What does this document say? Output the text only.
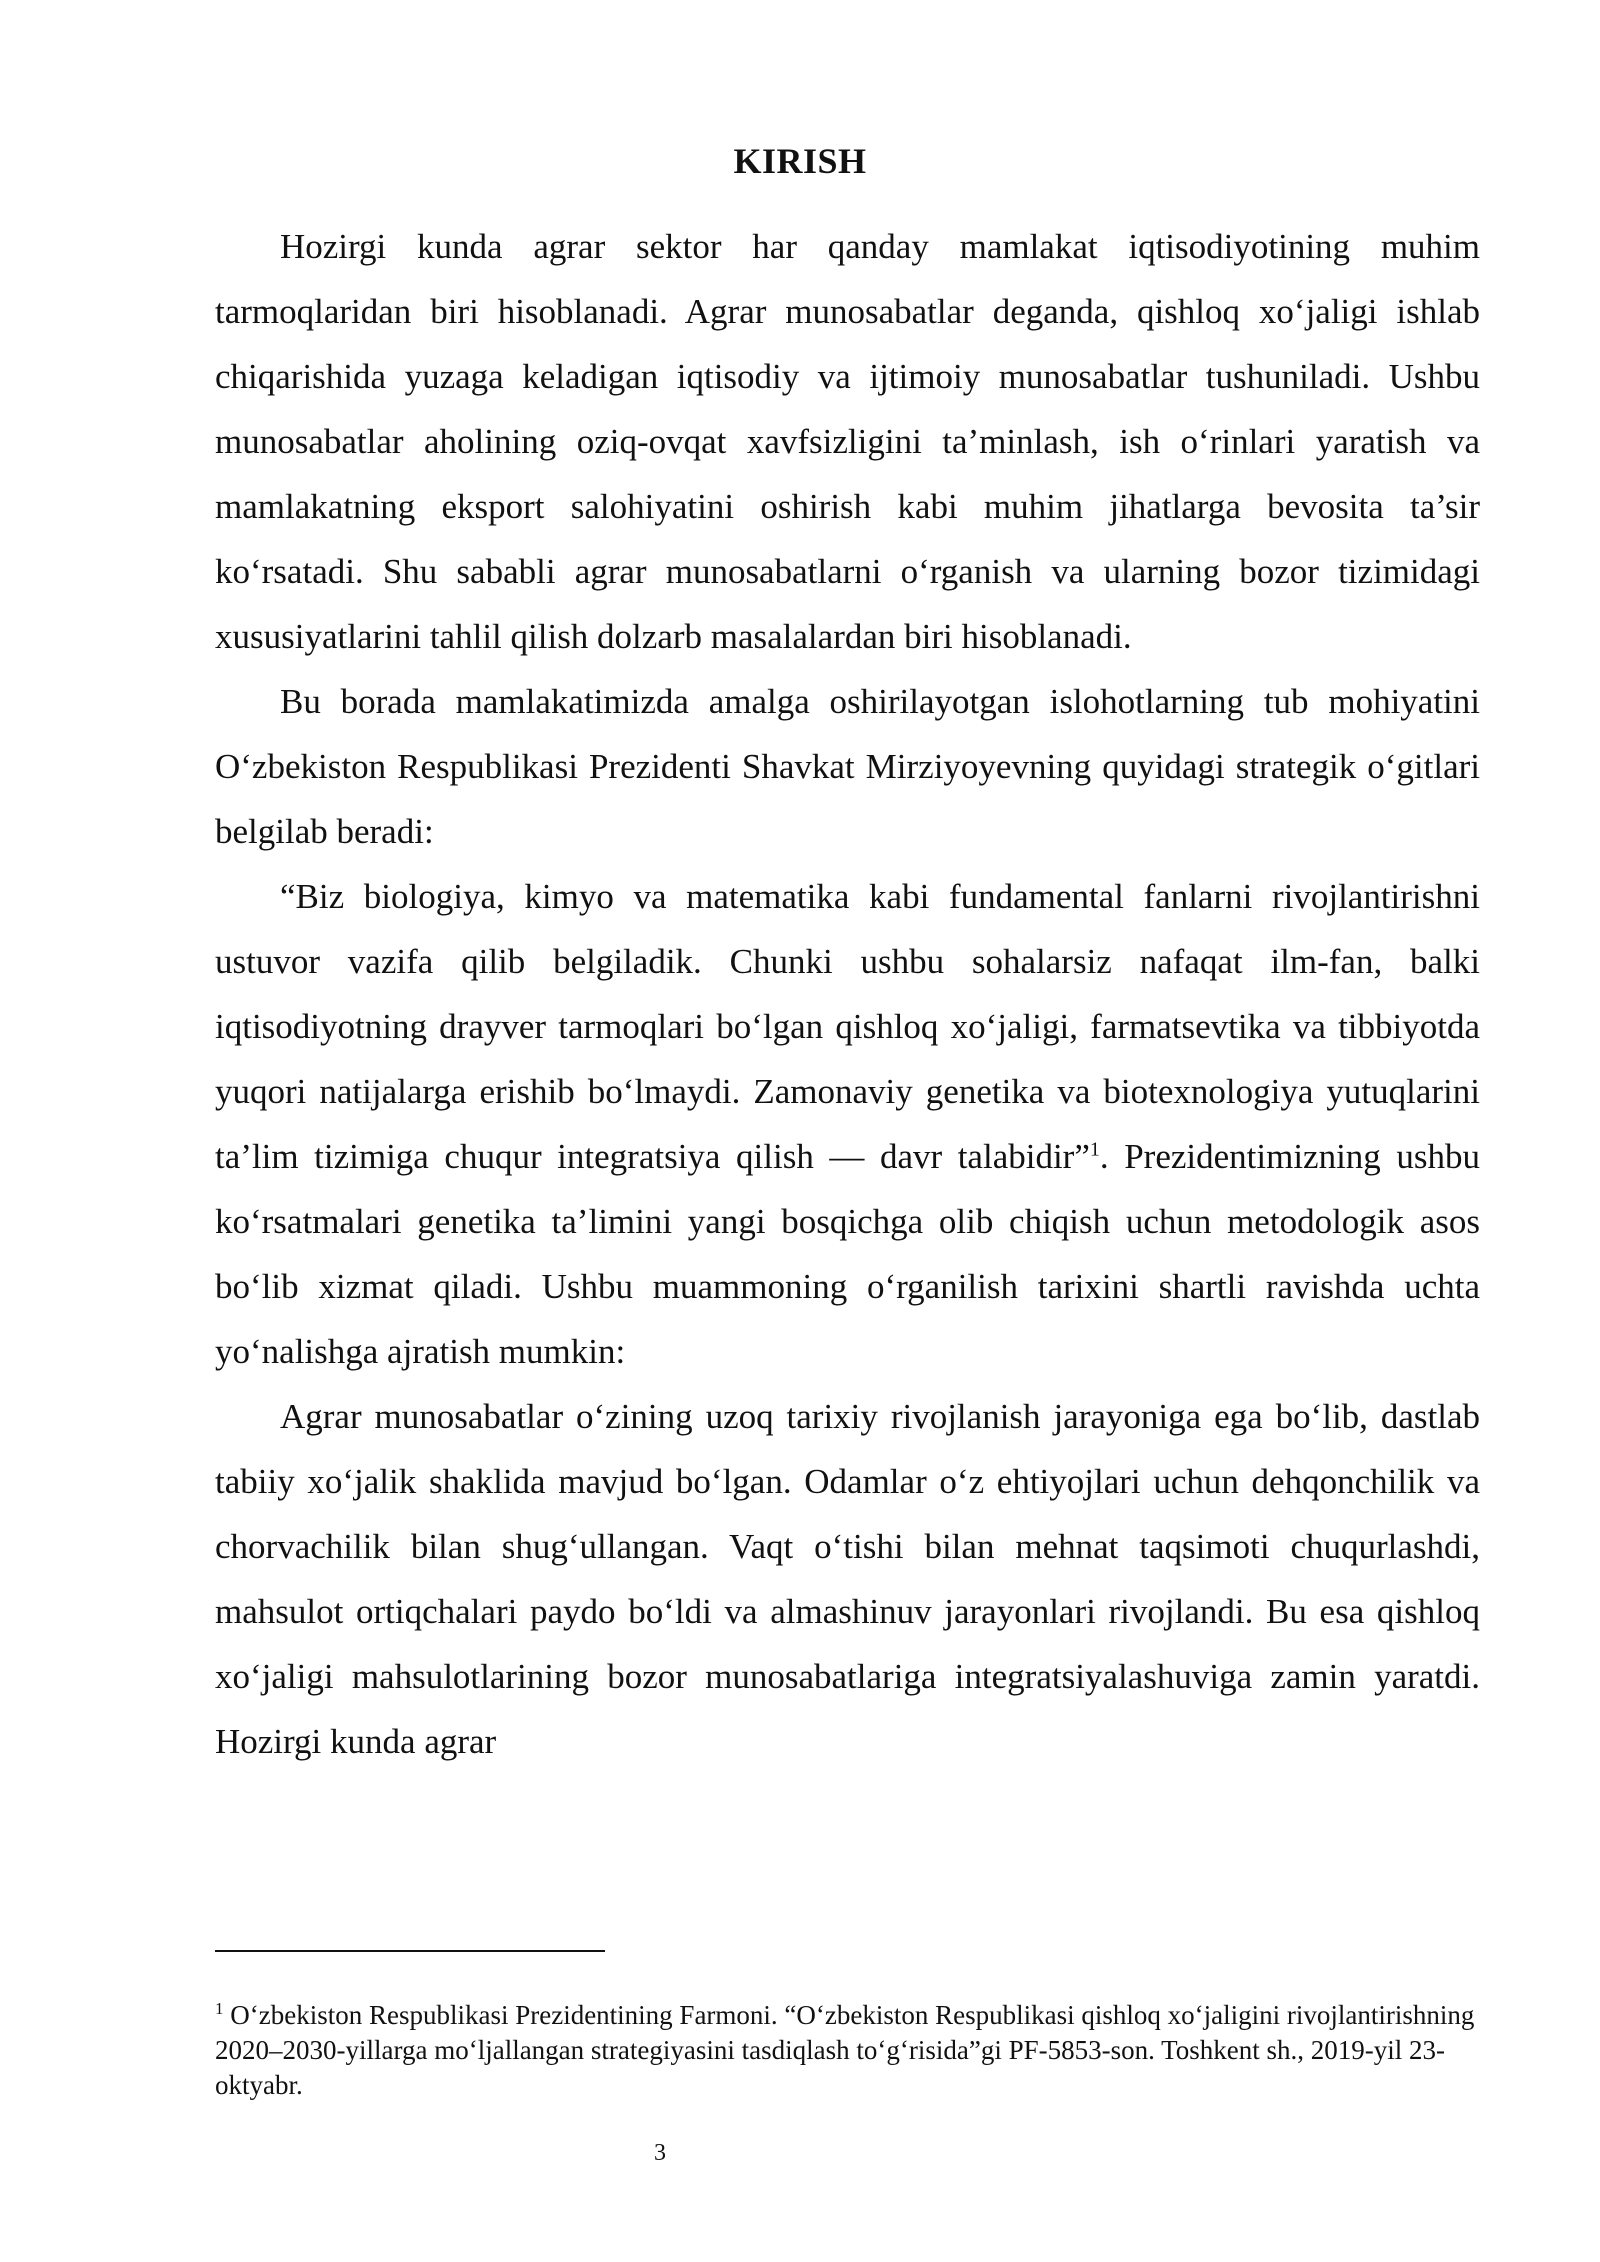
KIRISH

Hozirgi kunda agrar sektor har qanday mamlakat iqtisodiyotining muhim tarmoqlaridan biri hisoblanadi. Agrar munosabatlar deganda, qishloq xo‘jaligi ishlab chiqarishida yuzaga keladigan iqtisodiy va ijtimoiy munosabatlar tushuniladi. Ushbu munosabatlar aholining oziq-ovqat xavfsizligini ta’minlash, ish o‘rinlari yaratish va mamlakatning eksport salohiyatini oshirish kabi muhim jihatlarga bevosita ta’sir ko‘rsatadi. Shu sababli agrar munosabatlarni o‘rganish va ularning bozor tizimidagi xususiyatlarini tahlil qilish dolzarb masalalardan biri hisoblanadi.

Bu borada mamlakatimizda amalga oshirilayotgan islohotlarning tub mohiyatini O‘zbekiston Respublikasi Prezidenti Shavkat Mirziyoyevning quyidagi strategik o‘gitlari belgilab beradi:

“Biz biologiya, kimyo va matematika kabi fundamental fanlarni rivojlantirishni ustuvor vazifa qilib belgiladik. Chunki ushbu sohalarsiz nafaqat ilm-fan, balki iqtisodiyotning drayver tarmoqlari bo‘lgan qishloq xo‘jaligi, farmatsevtika va tibbiyotda yuqori natijalarga erishib bo‘lmaydi. Zamonaviy genetika va biotexnologiya yutuqlarini ta’lim tizimiga chuqur integratsiya qilish — davr talabidir”$^1$. Prezidentimizning ushbu ko‘rsatmalari genetika ta’limini yangi bosqichga olib chiqish uchun metodologik asos bo‘lib xizmat qiladi. Ushbu muammoning o‘rganilish tarixini shartli ravishda uchta yo‘nalishga ajratish mumkin:

Agrar munosabatlar o‘zining uzoq tarixiy rivojlanish jarayoniga ega bo‘lib, dastlab tabiiy xo‘jalik shaklida mavjud bo‘lgan. Odamlar o‘z ehtiyojlari uchun dehqonchilik va chorvachilik bilan shug‘ullangan. Vaqt o‘tishi bilan mehnat taqsimoti chuqurlashdi, mahsulot ortiqchalari paydo bo‘ldi va almashinuv jarayonlari rivojlandi. Bu esa qishloq xo‘jaligi mahsulotlarining bozor munosabatlariga integratsiyalashuviga zamin yaratdi. Hozirgi kunda agrar

$^1$ O‘zbekiston Respublikasi Prezidentining Farmoni. “O‘zbekiston Respublikasi qishloq xo‘jaligini rivojlantirishning 2020–2030-yillarga mo‘ljallangan strategiyasini tasdiqlash to‘g‘risida”gi PF-5853-son. Toshkent sh., 2019-yil 23-oktyabr.

3
